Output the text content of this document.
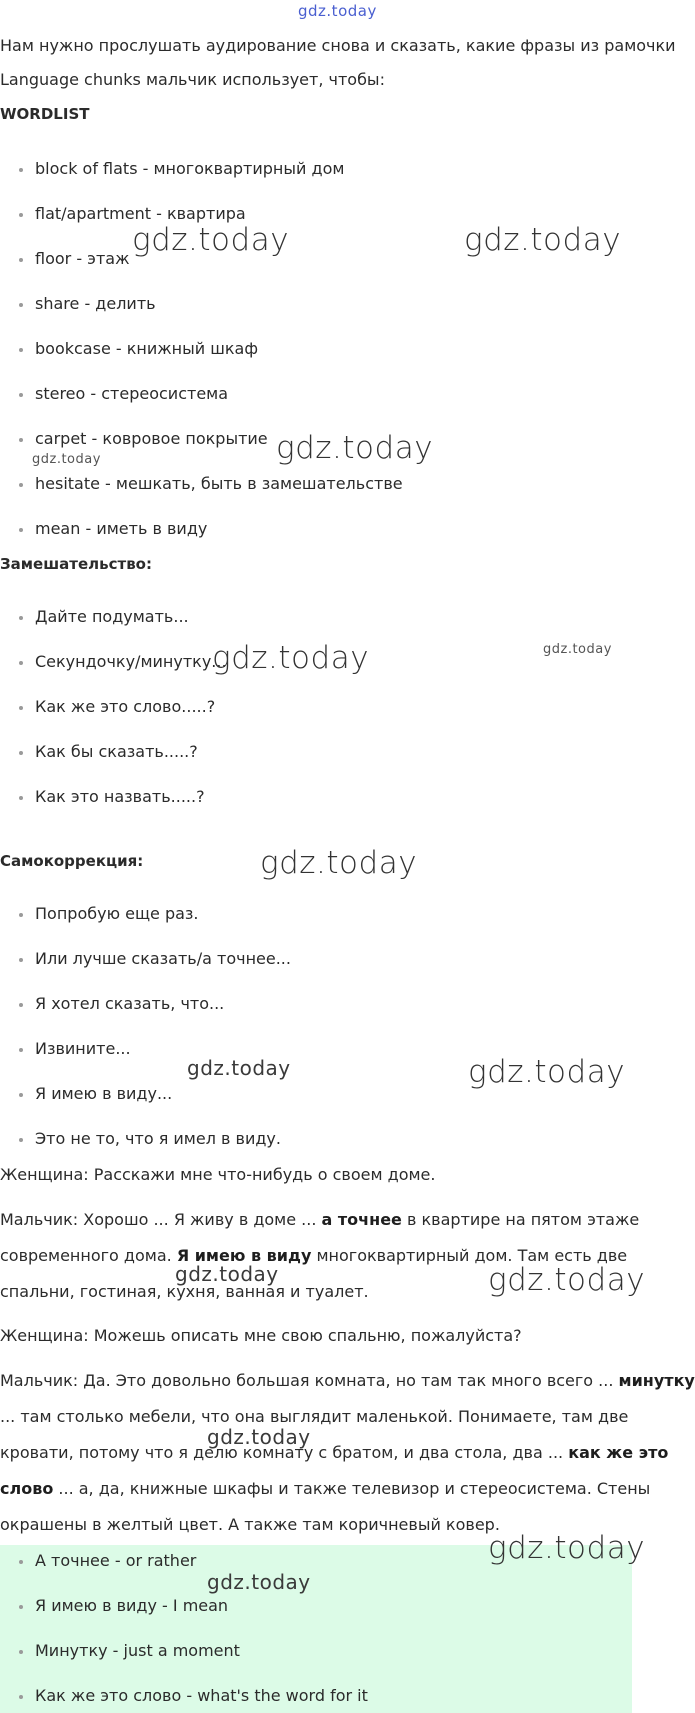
Нам нужно прослушать аудирование снова и сказать, какие фразы из рамочки
Language chunks мальчик использует, чтобы:
WORDLIST
block of flats - многоквартирный дом
flat/apartment - квартира
floor - этаж
share - делить
bookcase - книжный шкаф
stereo - стереосистема
carpet - ковровое покрытие
hesitate - мешкать, быть в замешательстве
mean - иметь в виду
Замешательство:
Дайте подумать...
Секундочку/минутку...
Как же это слово.....?
Как бы сказать.....?
Как это назвать.....?
Самокоррекция:
Попробую еще раз.
Или лучше сказать/а точнее...
Я хотел сказать, что...
Извините...
Я имею в виду...
Это не то, что я имел в виду.
Женщина: Расскажи мне что-нибудь о своем доме.
Мальчик: Хорошо ... Я живу в доме ... а точнее в квартире на пятом этаже
современного дома. Я имею в виду многоквартирный дом. Там есть две
спальни, гостиная, кухня, ванная и туалет.
Женщина: Можешь описать мне свою спальню, пожалуйста?
Мальчик: Да. Это довольно большая комната, но там так много всего ... минутку
... там столько мебели, что она выглядит маленькой. Понимаете, там две
кровати, потому что я делю комнату с братом, и два стола, два ... как же это
слово ... а, да, книжные шкафы и также телевизор и стереосистема. Стены
окрашены в желтый цвет. А также там коричневый ковер.
А точнее - or rather
Я имею в виду - I mean
Минутку - just a moment
Как же это слово - what's the word for it
gdz.today
gdz.today	gdz.today
gdz.today
gdz.today
gdz.today	gdz.today
gdz.today
gdz.today	gdz.today
gdz.today	gdz.today
gdz.today
gdz.today
gdz.today
